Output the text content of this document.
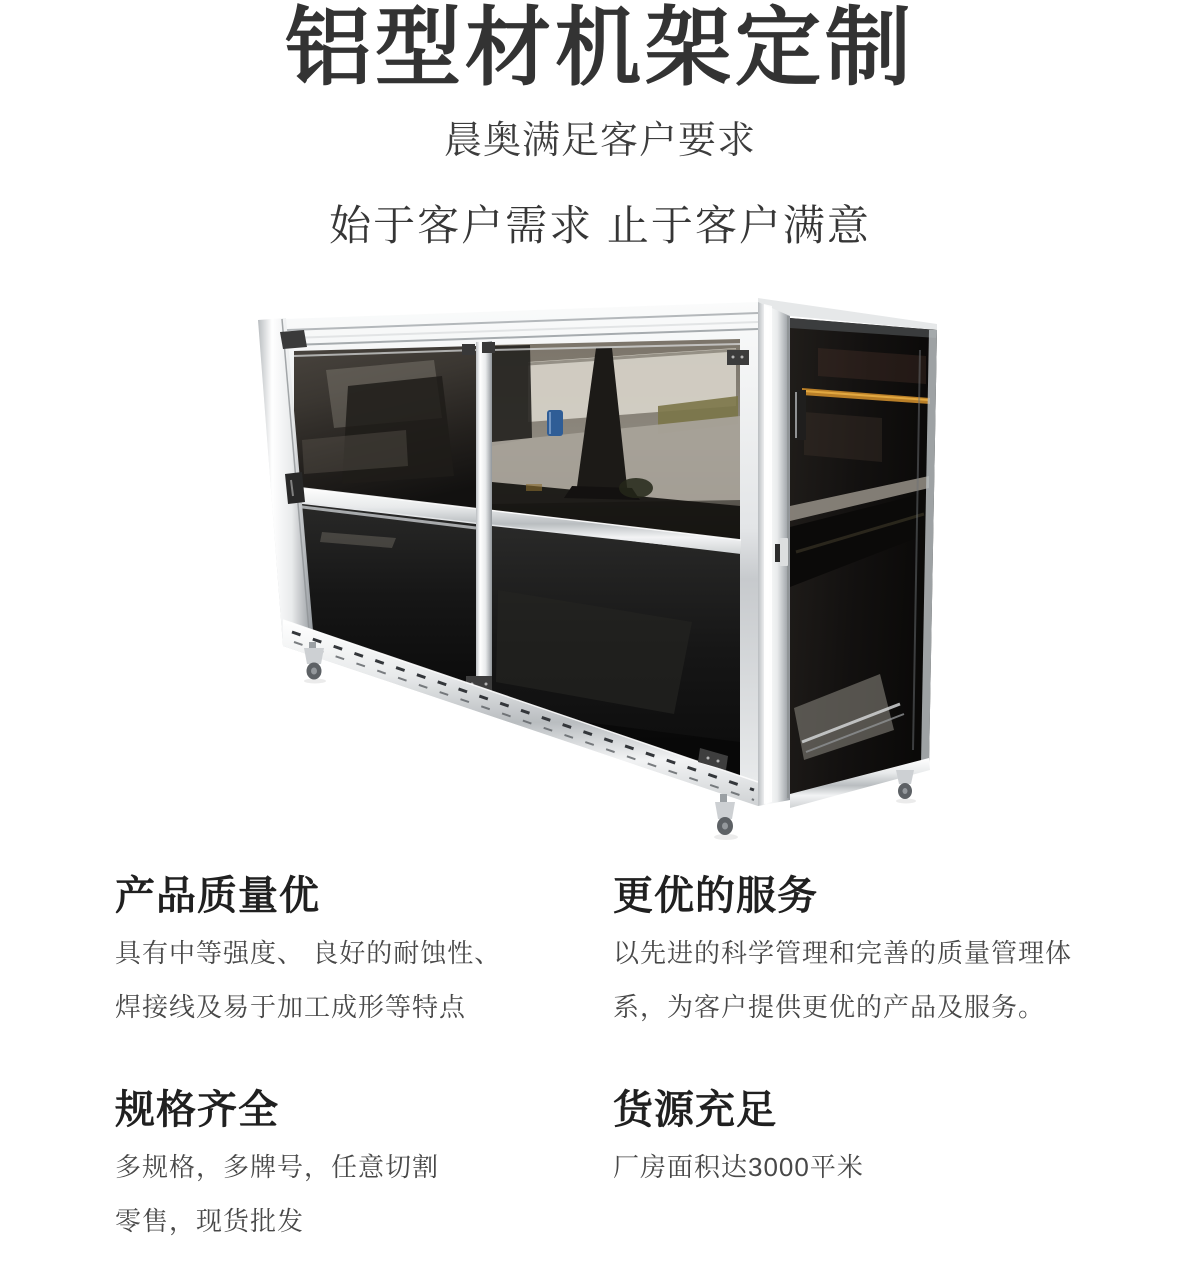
铝型材机架定制
晨奥满足客户要求
始于客户需求 止于客户满意
产品质量优

具有中等强度、 良好的耐蚀性、

焊接线及易于加工成形等特点

更优的服务

以先进的科学管理和完善的质量管理体

系，为客户提供更优的产品及服务。

规格齐全

多规格，多牌号，任意切割

零售，现货批发

货源充足

厂房面积达3000平米
